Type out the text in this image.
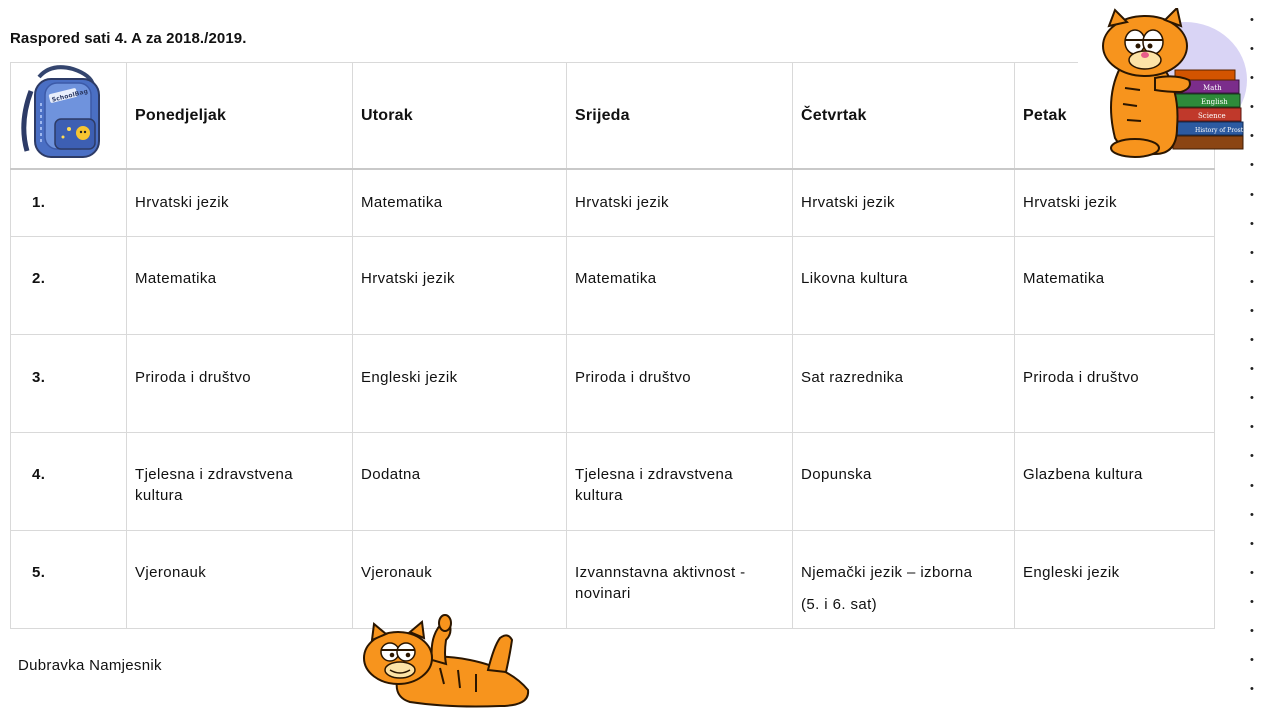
Raspored sati 4. A za 2018./2019.
SchoolBag	Ponedjeljak	Utorak	Srijeda	Četvrtak	Petak

1.	Hrvatski jezik	Matematika	Hrvatski jezik	Hrvatski jezik	Hrvatski jezik

2.	Matematika	Hrvatski jezik	Matematika	Likovna kultura	Matematika

3.	Priroda i društvo	Engleski jezik	Priroda i društvo	Sat razrednika	Priroda i društvo

4.	Tjelesna i zdravstvena kultura	Dodatna	Tjelesna i zdravstvena kultura	Dopunska	Glazbena kultura

5.	Vjeronauk	Vjeronauk	Izvannstavna aktivnost - novinari	Njemački jezik – izborna
(5. i 6. sat)	Engleski jezik
Math
English
Science
History of Prost
Dubravka Namjesnik
•
•
•
•
•
•
•
•
•
•
•
•
•
•
•
•
•
•
•
•
•
•
•
•
